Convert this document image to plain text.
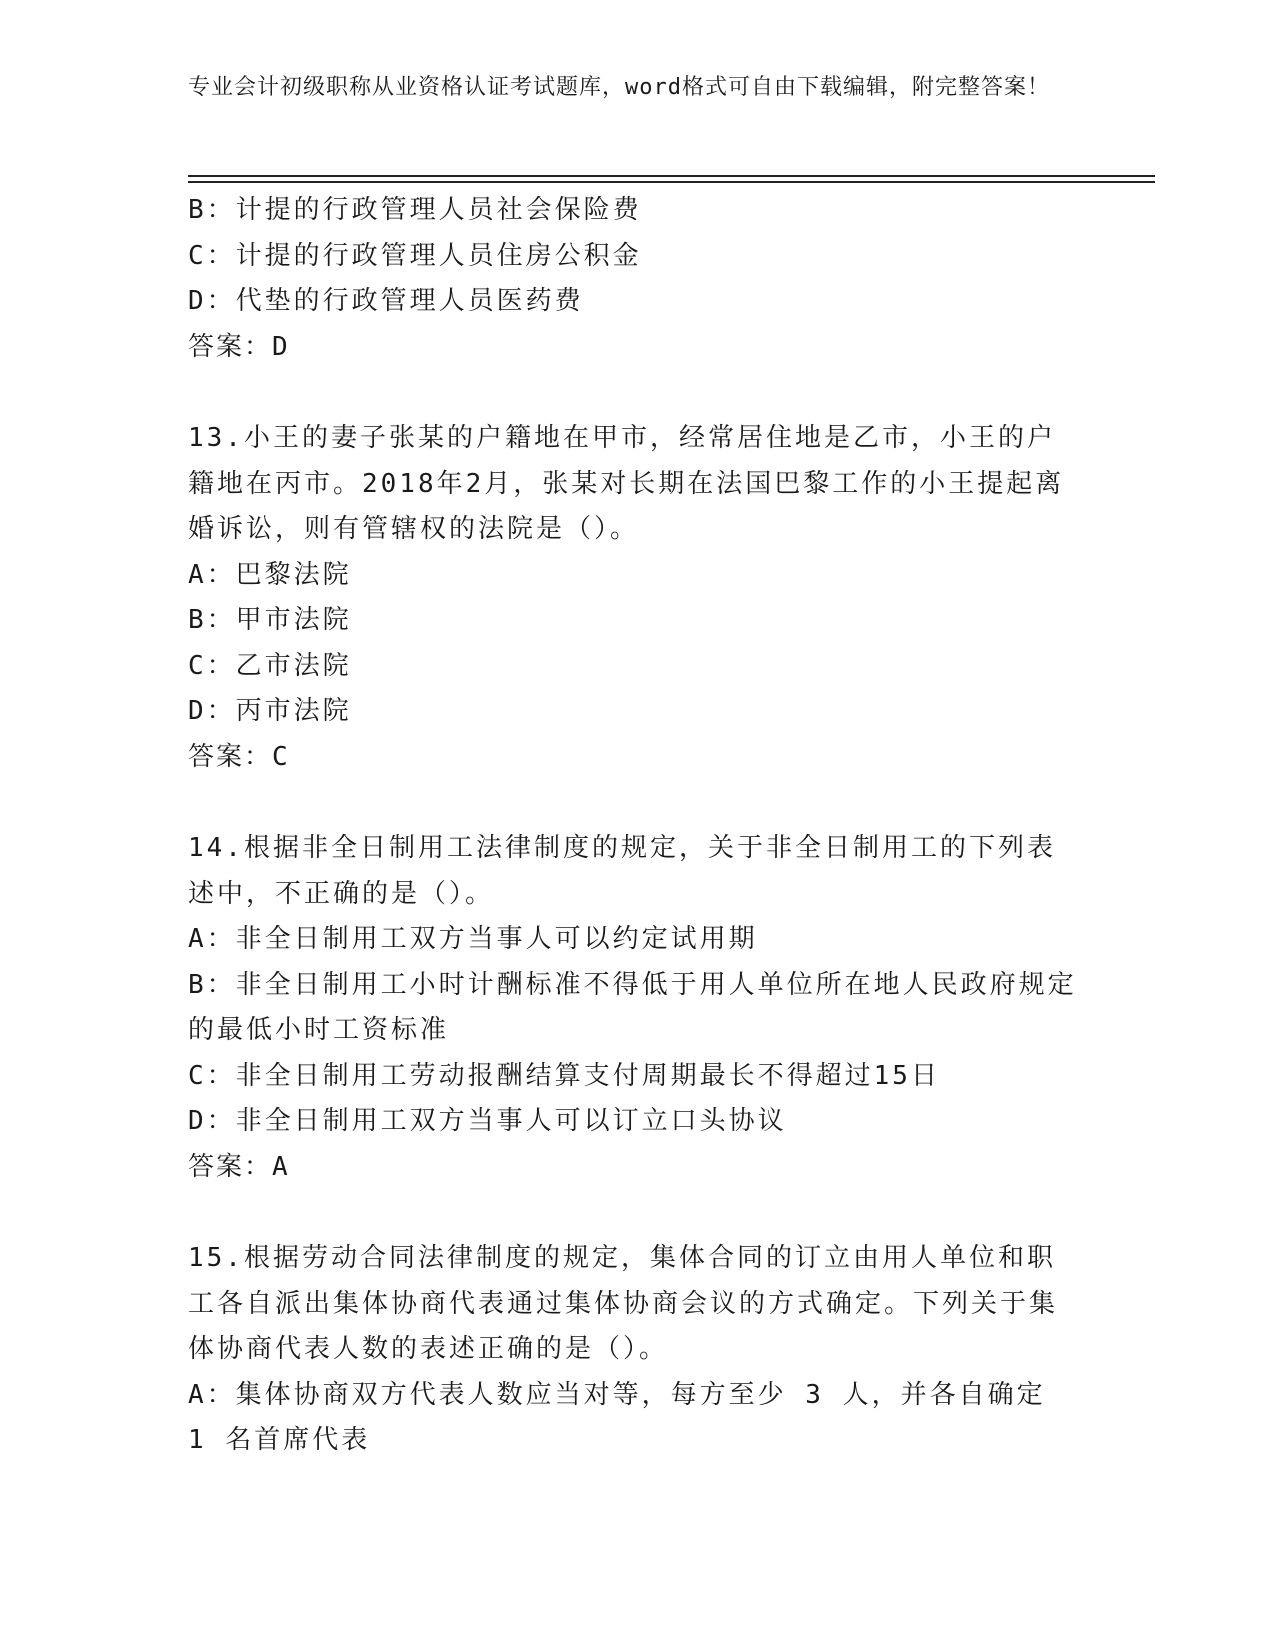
专业会计初级职称从业资格认证考试题库，word格式可自由下载编辑，附完整答案！

B：计提的行政管理人员社会保险费

C：计提的行政管理人员住房公积金

D：代垫的行政管理人员医药费

答案：D

13.小王的妻子张某的户籍地在甲市，经常居住地是乙市，小王的户籍地在丙市。2018年2月，张某对长期在法国巴黎工作的小王提起离婚诉讼，则有管辖权的法院是（）。

A：巴黎法院

B：甲市法院

C：乙市法院

D：丙市法院

答案：C

14.根据非全日制用工法律制度的规定，关于非全日制用工的下列表述中，不正确的是（）。

A：非全日制用工双方当事人可以约定试用期

B：非全日制用工小时计酬标准不得低于用人单位所在地人民政府规定的最低小时工资标准

C：非全日制用工劳动报酬结算支付周期最长不得超过15日

D：非全日制用工双方当事人可以订立口头协议

答案：A

15.根据劳动合同法律制度的规定，集体合同的订立由用人单位和职工各自派出集体协商代表通过集体协商会议的方式确定。下列关于集体协商代表人数的表述正确的是（）。

A：集体协商双方代表人数应当对等，每方至少 3 人，并各自确定 1 名首席代表
